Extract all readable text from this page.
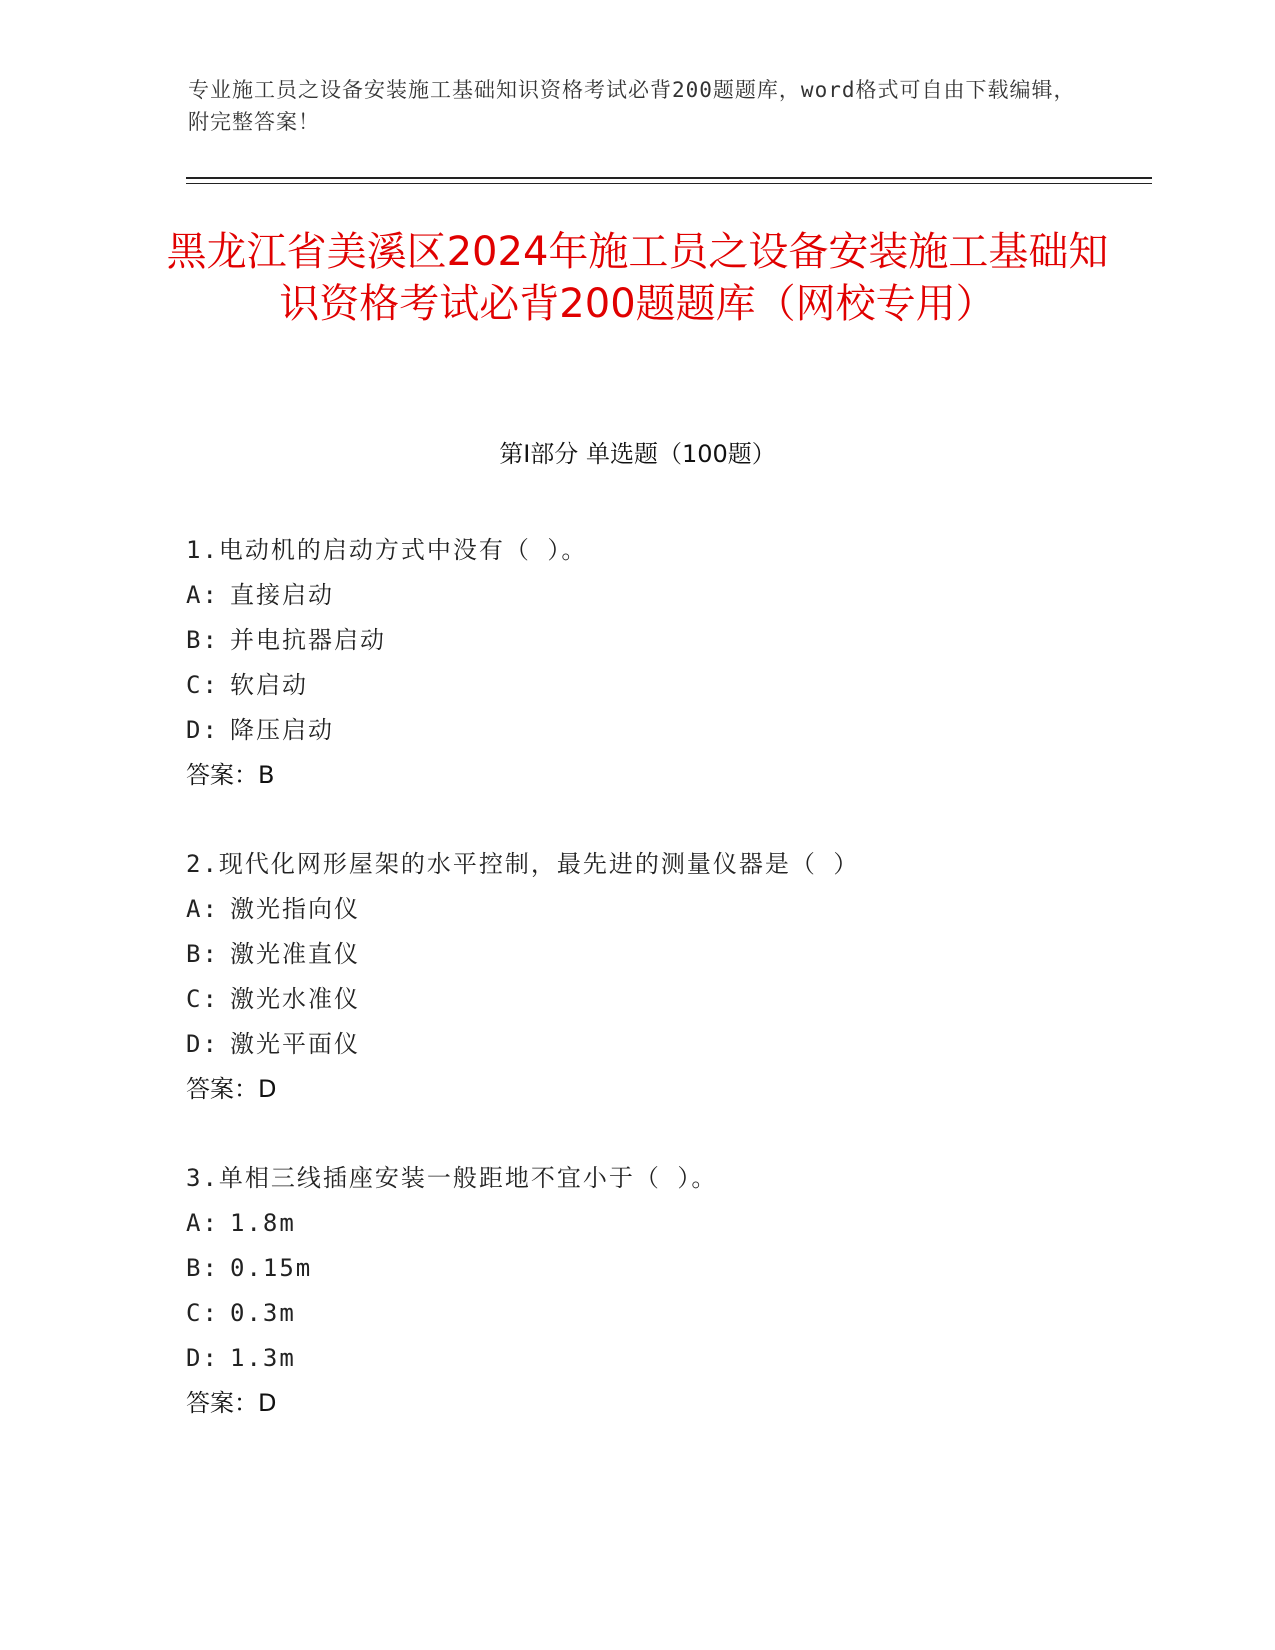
专业施工员之设备安装施工基础知识资格考试必背200题题库，word格式可自由下载编辑，附完整答案！
黑龙江省美溪区2024年施工员之设备安装施工基础知识资格考试必背200题题库（网校专用）
第Ⅰ部分 单选题（100题）
1.电动机的启动方式中没有（ ）。
A: 直接启动
B: 并电抗器启动
C: 软启动
D: 降压启动
答案：B
2.现代化网形屋架的水平控制，最先进的测量仪器是（ ）
A: 激光指向仪
B: 激光准直仪
C: 激光水准仪
D: 激光平面仪
答案：D
3.单相三线插座安装一般距地不宜小于（ ）。
A: 1.8m
B: 0.15m
C: 0.3m
D: 1.3m
答案：D
